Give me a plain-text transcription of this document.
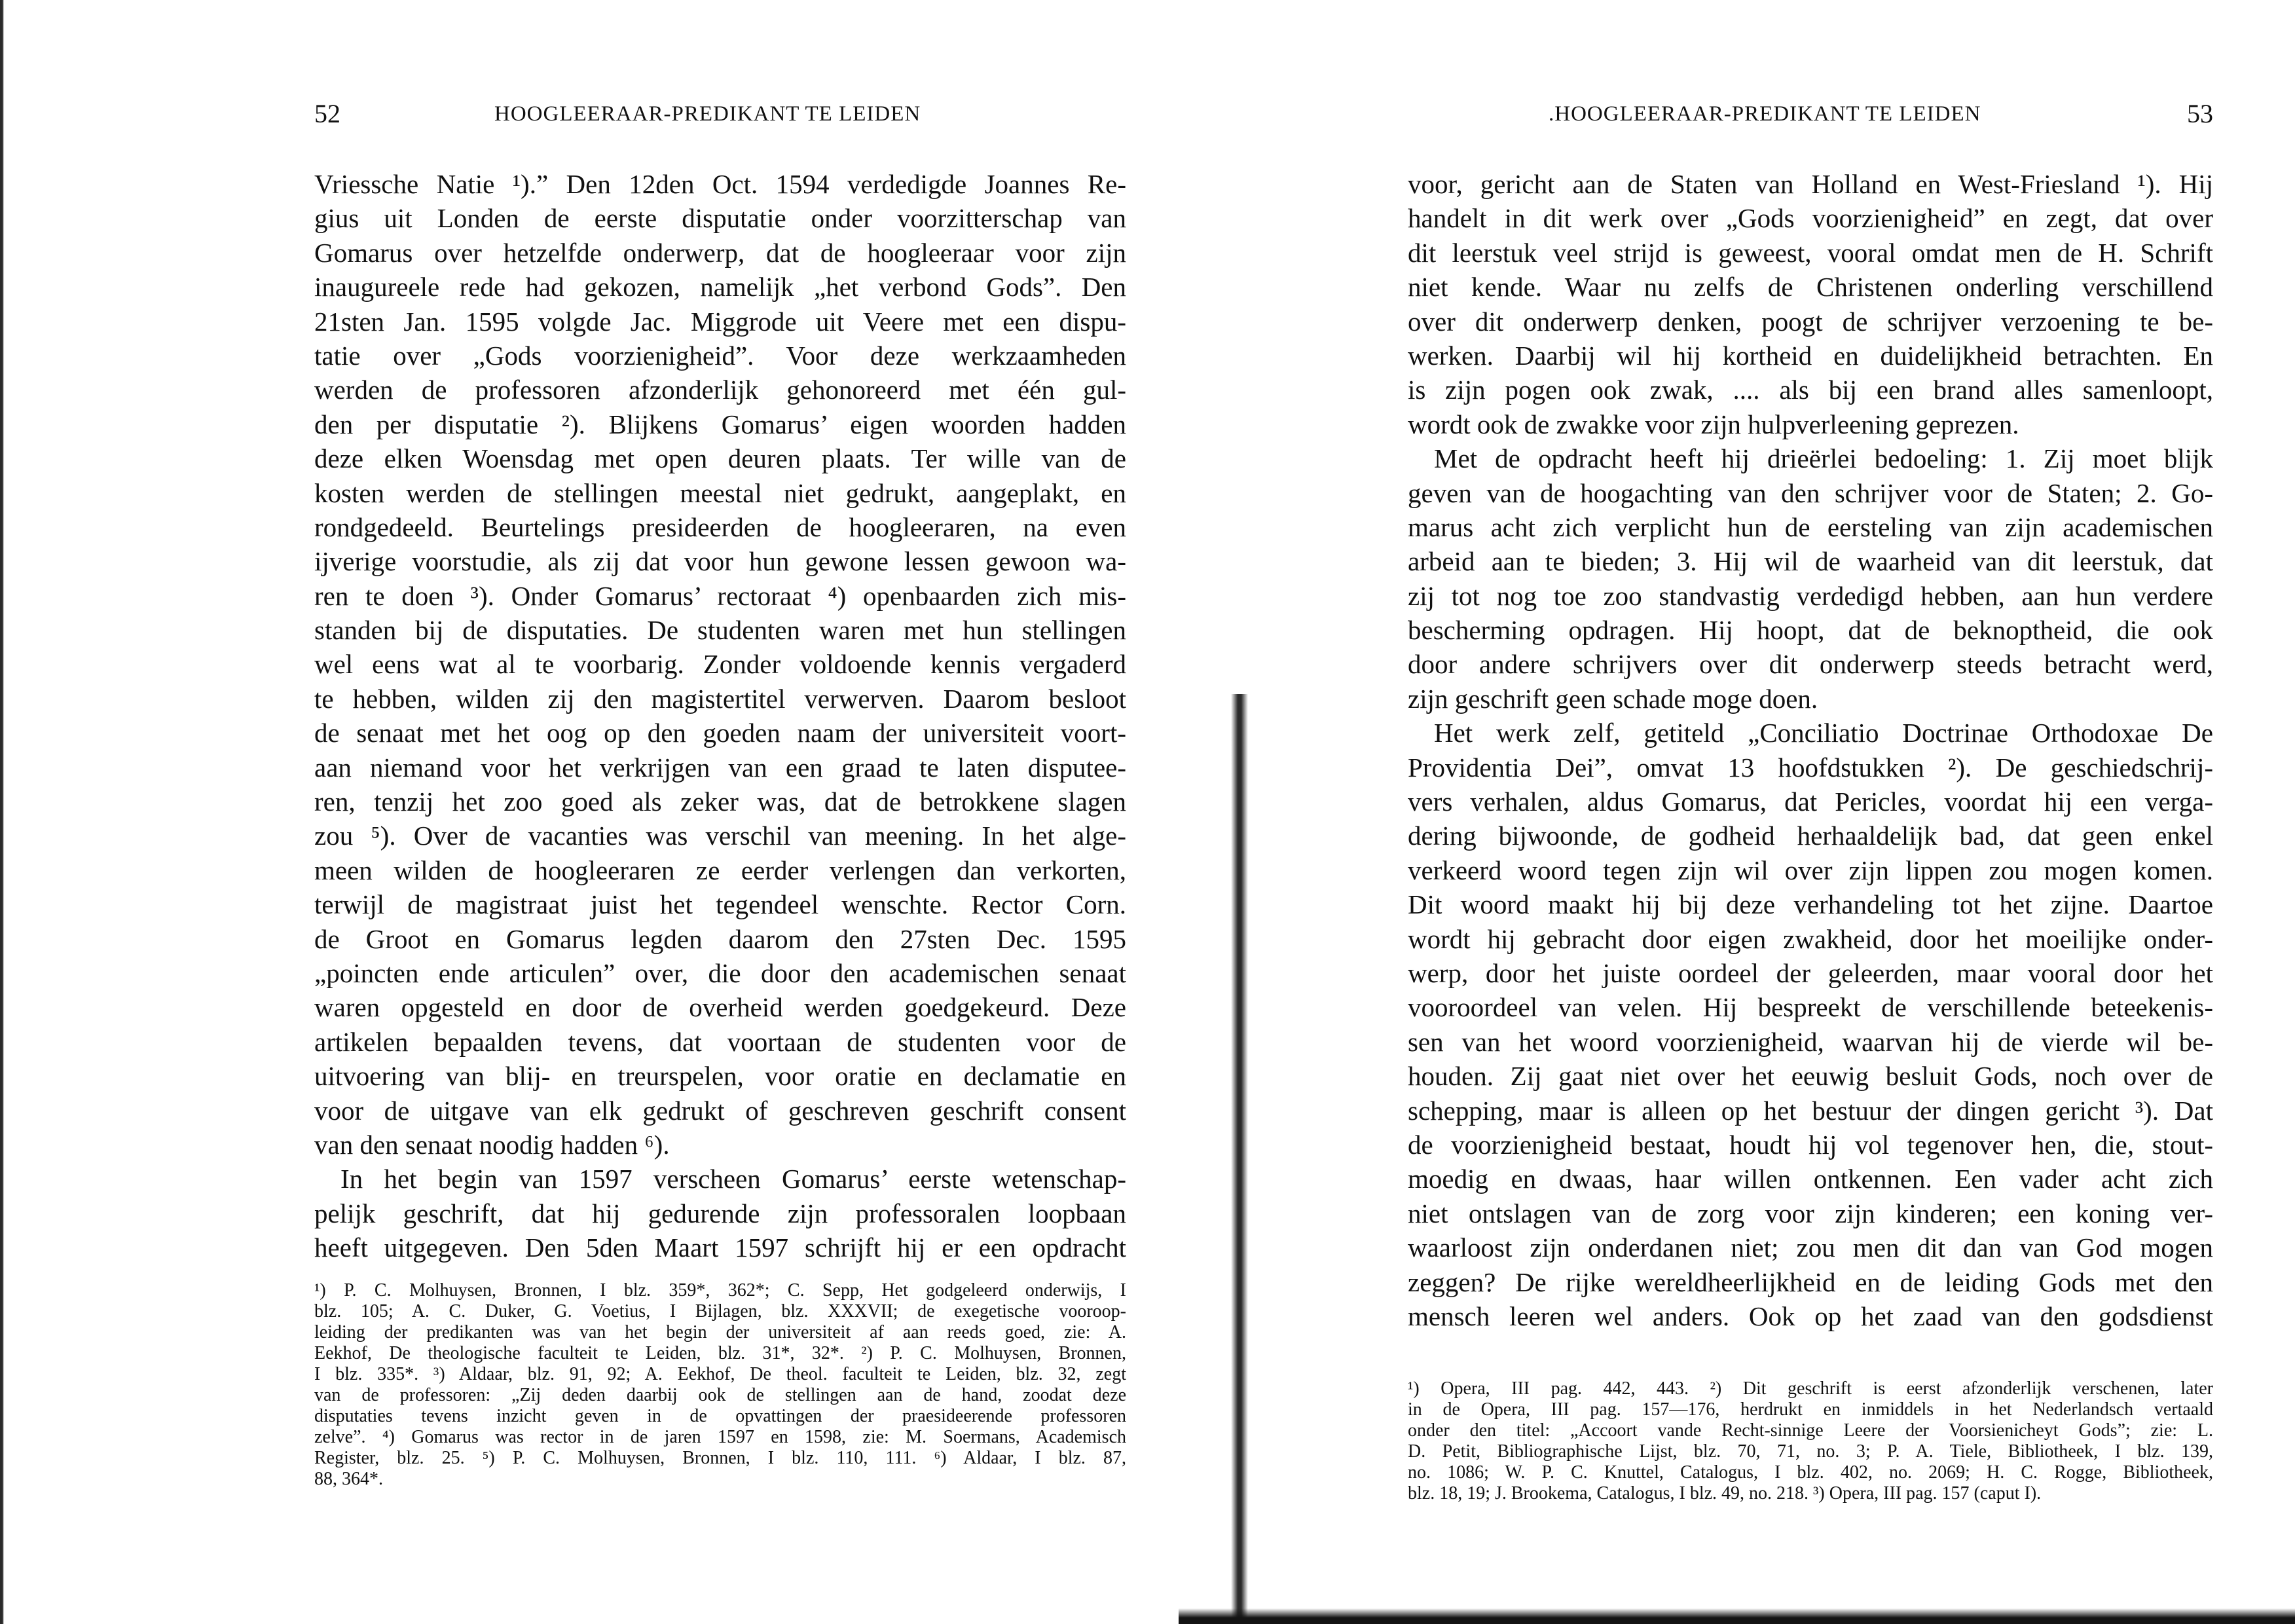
52	HOOGLEERAAR-PREDIKANT TE LEIDEN
Vriessche Natie ¹).” Den 12den Oct. 1594 verdedigde Joannes Re-
gius uit Londen de eerste disputatie onder voorzitterschap van
Gomarus over hetzelfde onderwerp, dat de hoogleeraar voor zijn
inaugureele rede had gekozen, namelijk „het verbond Gods”. Den
21sten Jan. 1595 volgde Jac. Miggrode uit Veere met een dispu-
tatie over „Gods voorzienigheid”. Voor deze werkzaamheden
werden de professoren afzonderlijk gehonoreerd met één gul-
den per disputatie ²). Blijkens Gomarus’ eigen woorden hadden
deze elken Woensdag met open deuren plaats. Ter wille van de
kosten werden de stellingen meestal niet gedrukt, aangeplakt, en
rondgedeeld. Beurtelings presideerden de hoogleeraren, na even
ijverige voorstudie, als zij dat voor hun gewone lessen gewoon wa-
ren te doen ³). Onder Gomarus’ rectoraat ⁴) openbaarden zich mis-
standen bij de disputaties. De studenten waren met hun stellingen
wel eens wat al te voorbarig. Zonder voldoende kennis vergaderd
te hebben, wilden zij den magistertitel verwerven. Daarom besloot
de senaat met het oog op den goeden naam der universiteit voort-
aan niemand voor het verkrijgen van een graad te laten disputee-
ren, tenzij het zoo goed als zeker was, dat de betrokkene slagen
zou ⁵). Over de vacanties was verschil van meening. In het alge-
meen wilden de hoogleeraren ze eerder verlengen dan verkorten,
terwijl de magistraat juist het tegendeel wenschte. Rector Corn.
de Groot en Gomarus legden daarom den 27sten Dec. 1595
„poincten ende articulen” over, die door den academischen senaat
waren opgesteld en door de overheid werden goedgekeurd. Deze
artikelen bepaalden tevens, dat voortaan de studenten voor de
uitvoering van blij- en treurspelen, voor oratie en declamatie en
voor de uitgave van elk gedrukt of geschreven geschrift consent
van den senaat noodig hadden ⁶).
In het begin van 1597 verscheen Gomarus’ eerste wetenschap-
pelijk geschrift, dat hij gedurende zijn professoralen loopbaan
heeft uitgegeven. Den 5den Maart 1597 schrijft hij er een opdracht
¹) P. C. Molhuysen, Bronnen, I blz. 359*, 362*; C. Sepp, Het godgeleerd onderwijs, I
blz. 105; A. C. Duker, G. Voetius, I Bijlagen, blz. XXXVII; de exegetische vooroop-
leiding der predikanten was van het begin der universiteit af aan reeds goed, zie: A.
Eekhof, De theologische faculteit te Leiden, blz. 31*, 32*. ²) P. C. Molhuysen, Bronnen,
I blz. 335*. ³) Aldaar, blz. 91, 92; A. Eekhof, De theol. faculteit te Leiden, blz. 32, zegt
van de professoren: „Zij deden daarbij ook de stellingen aan de hand, zoodat deze
disputaties tevens inzicht geven in de opvattingen der praesideerende professoren
zelve”. ⁴) Gomarus was rector in de jaren 1597 en 1598, zie: M. Soermans, Academisch
Register, blz. 25. ⁵) P. C. Molhuysen, Bronnen, I blz. 110, 111. ⁶) Aldaar, I blz. 87,
88, 364*.
.HOOGLEERAAR-PREDIKANT TE LEIDEN	53
voor, gericht aan de Staten van Holland en West-Friesland ¹). Hij
handelt in dit werk over „Gods voorzienigheid” en zegt, dat over
dit leerstuk veel strijd is geweest, vooral omdat men de H. Schrift
niet kende. Waar nu zelfs de Christenen onderling verschillend
over dit onderwerp denken, poogt de schrijver verzoening te be-
werken. Daarbij wil hij kortheid en duidelijkheid betrachten. En
is zijn pogen ook zwak, .... als bij een brand alles samenloopt,
wordt ook de zwakke voor zijn hulpverleening geprezen.
Met de opdracht heeft hij drieërlei bedoeling: 1. Zij moet blijk
geven van de hoogachting van den schrijver voor de Staten; 2. Go-
marus acht zich verplicht hun de eersteling van zijn academischen
arbeid aan te bieden; 3. Hij wil de waarheid van dit leerstuk, dat
zij tot nog toe zoo standvastig verdedigd hebben, aan hun verdere
bescherming opdragen. Hij hoopt, dat de beknoptheid, die ook
door andere schrijvers over dit onderwerp steeds betracht werd,
zijn geschrift geen schade moge doen.
Het werk zelf, getiteld „Conciliatio Doctrinae Orthodoxae De
Providentia Dei”, omvat 13 hoofdstukken ²). De geschiedschrij-
vers verhalen, aldus Gomarus, dat Pericles, voordat hij een verga-
dering bijwoonde, de godheid herhaaldelijk bad, dat geen enkel
verkeerd woord tegen zijn wil over zijn lippen zou mogen komen.
Dit woord maakt hij bij deze verhandeling tot het zijne. Daartoe
wordt hij gebracht door eigen zwakheid, door het moeilijke onder-
werp, door het juiste oordeel der geleerden, maar vooral door het
vooroordeel van velen. Hij bespreekt de verschillende beteekenis-
sen van het woord voorzienigheid, waarvan hij de vierde wil be-
houden. Zij gaat niet over het eeuwig besluit Gods, noch over de
schepping, maar is alleen op het bestuur der dingen gericht ³). Dat
de voorzienigheid bestaat, houdt hij vol tegenover hen, die, stout-
moedig en dwaas, haar willen ontkennen. Een vader acht zich
niet ontslagen van de zorg voor zijn kinderen; een koning ver-
waarloost zijn onderdanen niet; zou men dit dan van God mogen
zeggen? De rijke wereldheerlijkheid en de leiding Gods met den
mensch leeren wel anders. Ook op het zaad van den godsdienst
¹) Opera, III pag. 442, 443. ²) Dit geschrift is eerst afzonderlijk verschenen, later
in de Opera, III pag. 157—176, herdrukt en inmiddels in het Nederlandsch vertaald
onder den titel: „Accoort vande Recht-sinnige Leere der Voorsienicheyt Gods”; zie: L.
D. Petit, Bibliographische Lijst, blz. 70, 71, no. 3; P. A. Tiele, Bibliotheek, I blz. 139,
no. 1086; W. P. C. Knuttel, Catalogus, I blz. 402, no. 2069; H. C. Rogge, Bibliotheek,
blz. 18, 19; J. Brookema, Catalogus, I blz. 49, no. 218. ³) Opera, III pag. 157 (caput I).
